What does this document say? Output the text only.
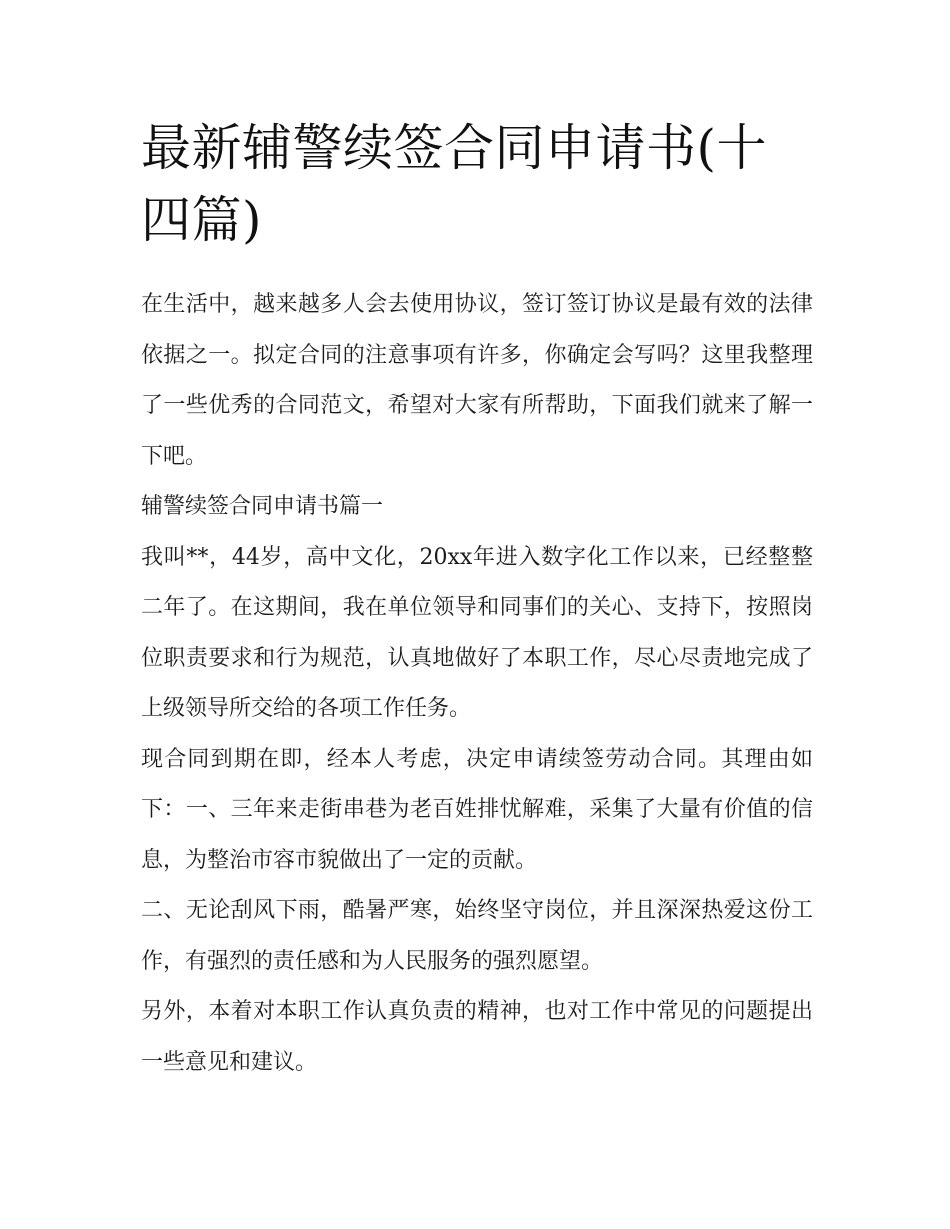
最新辅警续签合同申请书(十四篇)

在生活中，越来越多人会去使用协议，签订签订协议是最有效的法律依据之一。拟定合同的注意事项有许多，你确定会写吗？这里我整理了一些优秀的合同范文，希望对大家有所帮助，下面我们就来了解一下吧。

辅警续签合同申请书篇一

我叫**，44岁，高中文化，20xx年进入数字化工作以来，已经整整二年了。在这期间，我在单位领导和同事们的关心、支持下，按照岗位职责要求和行为规范，认真地做好了本职工作，尽心尽责地完成了上级领导所交给的各项工作任务。

现合同到期在即，经本人考虑，决定申请续签劳动合同。其理由如下：一、三年来走街串巷为老百姓排忧解难，采集了大量有价值的信息，为整治市容市貌做出了一定的贡献。

二、无论刮风下雨，酷暑严寒，始终坚守岗位，并且深深热爱这份工作，有强烈的责任感和为人民服务的强烈愿望。

另外，本着对本职工作认真负责的精神，也对工作中常见的问题提出一些意见和建议。
